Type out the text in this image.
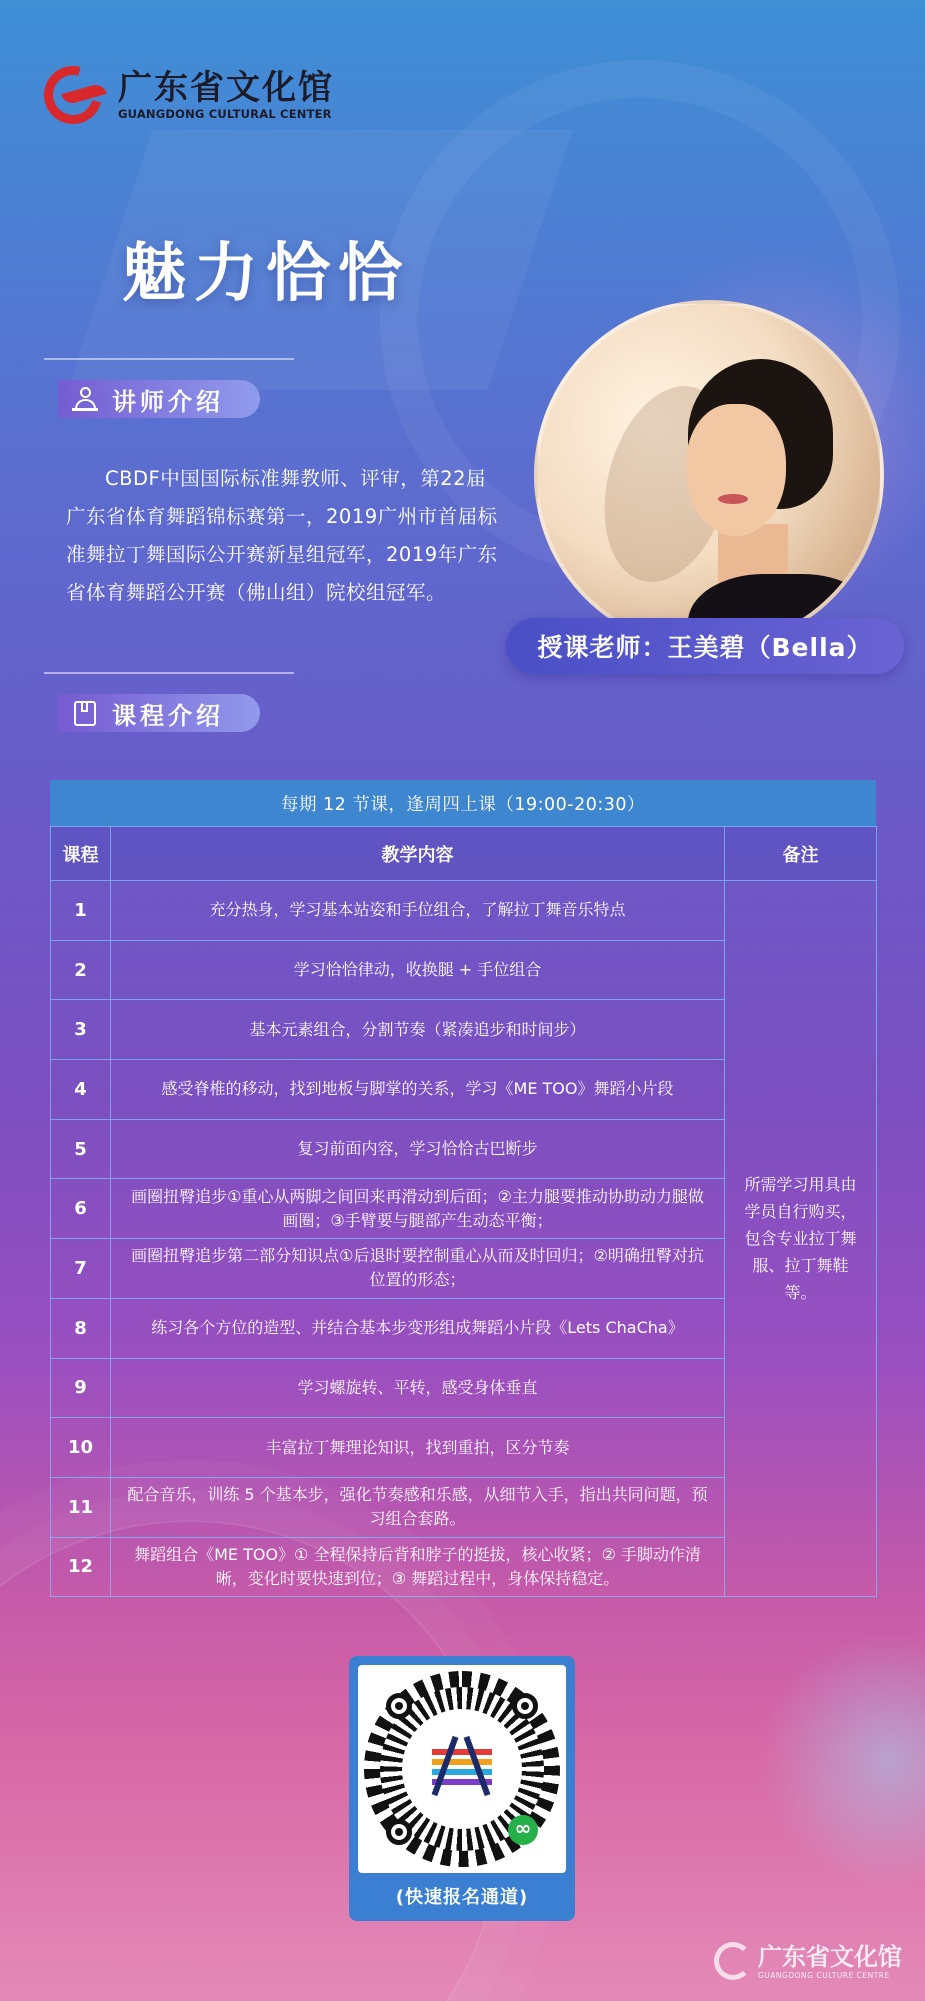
广东省文化馆
GUANGDONG CULTURAL CENTER
魅力恰恰
讲师介绍
CBDF中国国际标准舞教师、评审，第22届广东省体育舞蹈锦标赛第一，2019广州市首届标准舞拉丁舞国际公开赛新星组冠军，2019年广东省体育舞蹈公开赛（佛山组）院校组冠军。
授课老师：王美碧（Bella）
课程介绍
每期 12 节课，逢周四上课（19:00-20:30）
课程	教学内容	备注
1	充分热身，学习基本站姿和手位组合，了解拉丁舞音乐特点	所需学习用具由学员自行购买，包含专业拉丁舞服、拉丁舞鞋等。
2	学习恰恰律动，收换腿 + 手位组合	
3	基本元素组合，分割节奏（紧凑追步和时间步）	
4	感受脊椎的移动，找到地板与脚掌的关系，学习《ME TOO》舞蹈小片段	
5	复习前面内容，学习恰恰古巴断步	
6	画圈扭臀追步①重心从两脚之间回来再滑动到后面；②主力腿要推动协助动力腿做画圈；③手臂要与腿部产生动态平衡；	
7	画圈扭臀追步第二部分知识点①后退时要控制重心从而及时回归；②明确扭臀对抗位置的形态；	
8	练习各个方位的造型、并结合基本步变形组成舞蹈小片段《Lets ChaCha》	
9	学习螺旋转、平转，感受身体垂直	
10	丰富拉丁舞理论知识，找到重拍，区分节奏	
11	配合音乐，训练 5 个基本步，强化节奏感和乐感，从细节入手，指出共同问题，预习组合套路。	
12	舞蹈组合《ME TOO》① 全程保持后背和脖子的挺拔，核心收紧；② 手脚动作清晰，变化时要快速到位；③ 舞蹈过程中，身体保持稳定。	
∞
(快速报名通道)
广东省文化馆
GUANGDONG CULTURE CENTRE
